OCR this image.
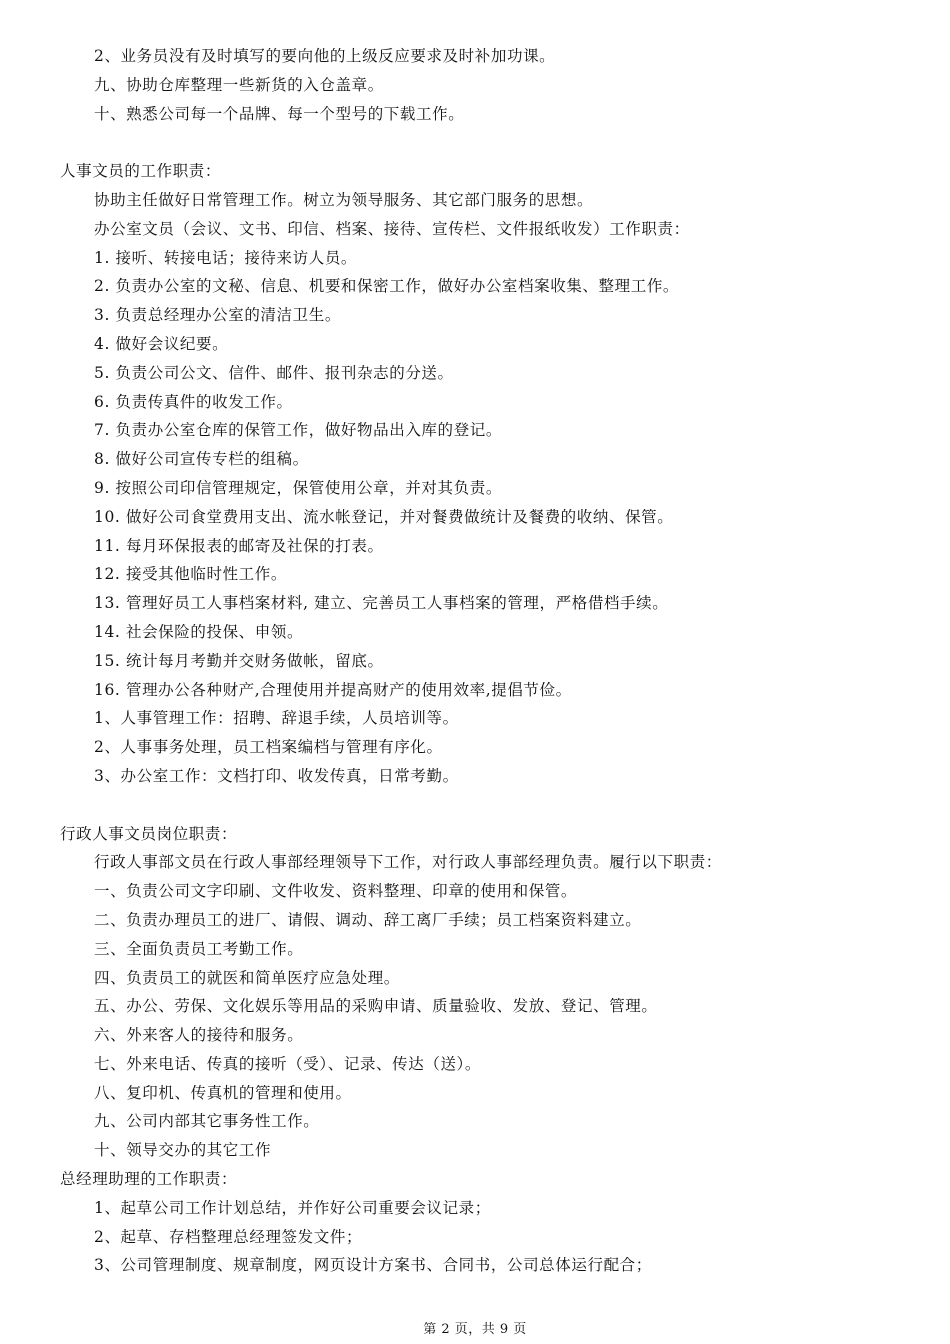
2、业务员没有及时填写的要向他的上级反应要求及时补加功课。
九、协助仓库整理一些新货的入仓盖章。
十、熟悉公司每一个品牌、每一个型号的下载工作。
人事文员的工作职责：
协助主任做好日常管理工作。树立为领导服务、其它部门服务的思想。
办公室文员（会议、文书、印信、档案、接待、宣传栏、文件报纸收发）工作职责：
1. 接听、转接电话；接待来访人员。
2. 负责办公室的文秘、信息、机要和保密工作，做好办公室档案收集、整理工作。
3. 负责总经理办公室的清洁卫生。
4. 做好会议纪要。
5. 负责公司公文、信件、邮件、报刊杂志的分送。
6. 负责传真件的收发工作。
7. 负责办公室仓库的保管工作，做好物品出入库的登记。
8. 做好公司宣传专栏的组稿。
9. 按照公司印信管理规定，保管使用公章，并对其负责。
10. 做好公司食堂费用支出、流水帐登记，并对餐费做统计及餐费的收纳、保管。
11. 每月环保报表的邮寄及社保的打表。
12. 接受其他临时性工作。
13. 管理好员工人事档案材料, 建立、完善员工人事档案的管理，严格借档手续。
14. 社会保险的投保、申领。
15. 统计每月考勤并交财务做帐，留底。
16. 管理办公各种财产,合理使用并提高财产的使用效率,提倡节俭。
1、人事管理工作：招聘、辞退手续，人员培训等。
2、人事事务处理，员工档案编档与管理有序化。
3、办公室工作：文档打印、收发传真，日常考勤。
行政人事文员岗位职责：
行政人事部文员在行政人事部经理领导下工作，对行政人事部经理负责。履行以下职责：
一、负责公司文字印刷、文件收发、资料整理、印章的使用和保管。
二、负责办理员工的进厂、请假、调动、辞工离厂手续；员工档案资料建立。
三、全面负责员工考勤工作。
四、负责员工的就医和简单医疗应急处理。
五、办公、劳保、文化娱乐等用品的采购申请、质量验收、发放、登记、管理。
六、外来客人的接待和服务。
七、外来电话、传真的接听（受）、记录、传达（送）。
八、复印机、传真机的管理和使用。
九、公司内部其它事务性工作。
十、领导交办的其它工作
总经理助理的工作职责：
1、起草公司工作计划总结，并作好公司重要会议记录；
2、起草、存档整理总经理签发文件；
3、公司管理制度、规章制度，网页设计方案书、合同书，公司总体运行配合；
第 2 页，共 9 页
